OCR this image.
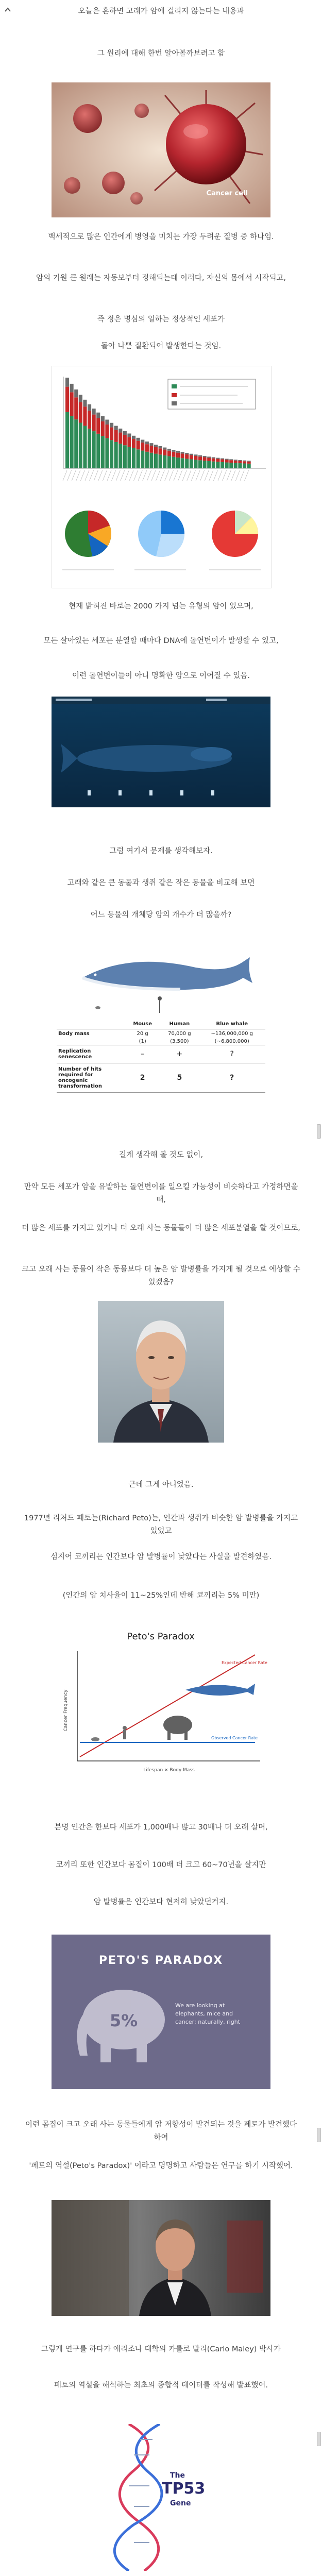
오늘은 흔하면 고래가 암에 걸리지 않는다는 내용과

그 원리에 대해 한번 알아볼까보려고 함

Cancer cell

백세적으로 많은 인간에게 병영을 미치는 가장 두려운 질병 중 하나임.

암의 기원 큰 원래는 자동보부터 정해되는데 이러다, 자신의 몸에서 시작되고,

즉 정은 명심의 일하는 정상적인 세포가

돌아 나쁜 질환되어 발생한다는 것임.

현재 밝혀진 바로는 2000 가지 넘는 유형의 암이 있으며,

모든 살아있는 세포는 분열할 때마다 DNA에 돌연변이가 발생할 수 있고,

이런 돌연변이들이 아니 명확한 암으로 이어질 수 있음.

그럼 여기서 문제를 생각해보자.

고래와 같은 큰 동물과 생쥐 같은 작은 동물을 비교해 보면

어느 동물의 개체당 암의 개수가 더 많을까?

	Mouse	Human	Blue whale
Body mass	20 g	70,000 g	~136,000,000 g
	(1)	(3,500)	(~6,800,000)
Replication senescence	–	+	?
Number of hits required for oncogenic transformation	2	5	?

길게 생각해 볼 것도 없이,

만약 모든 세포가 암을 유발하는 돌연변이를 일으킬 가능성이 비슷하다고 가정하면을 때,

더 많은 세포를 가지고 있거나 더 오래 사는 동물들이 더 많은 세포분열을 할 것이므로,

크고 오래 사는 동물이 작은 동물보다 더 높은 암 발병률을 가지게 될 것으로 예상할 수 있겠음?

근데 그게 아니었음.

1977년 리처드 페토는(Richard Peto)는, 인간과 생쥐가 비슷한 암 발병률을 가지고 있었고

심지어 코끼리는 인간보다 암 발병률이 낮았다는 사실을 발견하였음.

(인간의 암 치사율이 11~25%인데 반해 코끼리는 5% 미만)

Peto's Paradox
Cancer Frequency
Lifespan × Body Mass
Expected Cancer Rate
Observed Cancer Rate

분명 인간은 한보다 세포가 1,000배나 많고 30배나 더 오래 살며,

코끼리 또한 인간보다 몸집이 100배 더 크고 60~70년을 살지만

암 발병률은 인간보다 현저히 낮았던거지.

PETO'S PARADOX
5%
We are looking at elephants, mice and cancer; naturally, right

이런 몸집이 크고 오래 사는 동물들에게 암 저항성이 발견되는 것을 페토가 발견했다 하여

'페토의 역설(Peto's Paradox)' 이라고 명명하고 사람들은 연구를 하기 시작했어.

그렇게 연구를 하다가 애리조나 대학의 카를로 말리(Carlo Maley) 박사가

페토의 역설을 해석하는 최초의 종합적 데이터를 작성해 발표했어.

The
TP53
Gene
